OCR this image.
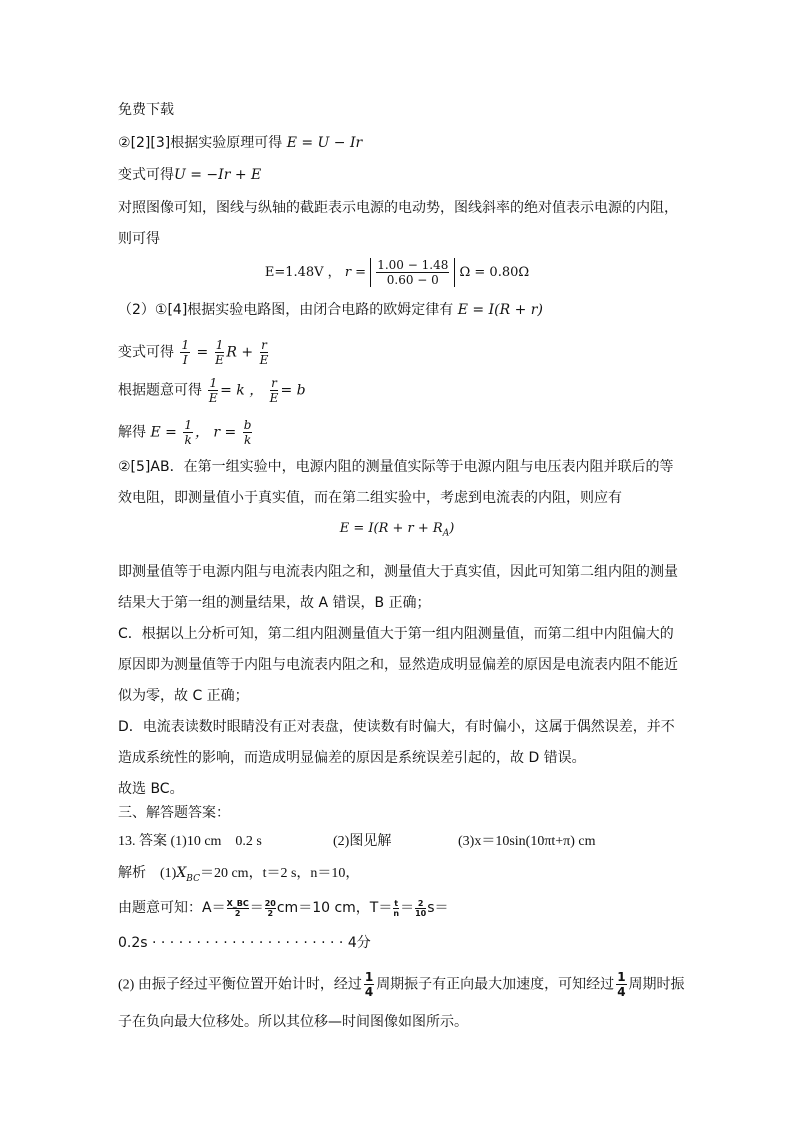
免费下载
②[2][3]根据实验原理可得 E = U − Ir
变式可得U = −Ir + E
对照图像可知，图线与纵轴的截距表示电源的电动势，图线斜率的绝对值表示电源的内阻，
则可得
E=1.48V ， $r = \frac{1.00 - 1.48}{0.60 - 0}$ Ω = 0.80Ω
（2）①[4]根据实验电路图，由闭合电路的欧姆定律有 E = I(R + r)
变式可得 $\frac{1}{I} = \frac{1}{E}$ $R + \frac{r}{E}$
根据题意可得 $\frac{1}{E} = k$ ， $\frac{r}{E} = b$
解得 $E = \frac{1}{k}$ ， $r = \frac{b}{k}$
②[5]AB．在第一组实验中，电源内阻的测量值实际等于电源内阻与电压表内阻并联后的等
效电阻，即测量值小于真实值，而在第二组实验中，考虑到电流表的内阻，则应有
$E = I(R + r + R_A)$
即测量值等于电源内阻与电流表内阻之和，测量值大于真实值，因此可知第二组内阻的测量
结果大于第一组的测量结果，故 A 错误，B 正确；
C．根据以上分析可知，第二组内阻测量值大于第一组内阻测量值，而第二组中内阻偏大的
原因即为测量值等于内阻与电流表内阻之和，显然造成明显偏差的原因是电流表内阻不能近
似为零，故 C 正确；
D．电流表读数时眼睛没有正对表盘，使读数有时偏大，有时偏小，这属于偶然误差，并不
造成系统性的影响，而造成明显偏差的原因是系统误差引起的，故 D 错误。
故选 BC。
三、解答题答案：
13. 答案 (1)10 cm　0.2 s	(2)图见解	(3)x＝10sin(10πt+π) cm
解析　$(1)X_{BC}=20$ cm，t＝2 s，n＝10，
由题意可知：$A= \frac{X\_BC}{2} = \frac{20}{2} cm=10$ cm，$T= \frac{t}{n} = \frac{2}{10} s=$
0.2s · · · · · · · · · · · · · · · · · · · · · · 4分
(2) 由振子经过平衡位置开始计时，经过 $\frac{1}{4}$ 周期振子有正向最大加速度，可知经过 $\frac{1}{4}$ 周期时振
子在负向最大位移处。所以其位移—时间图像如图所示。
